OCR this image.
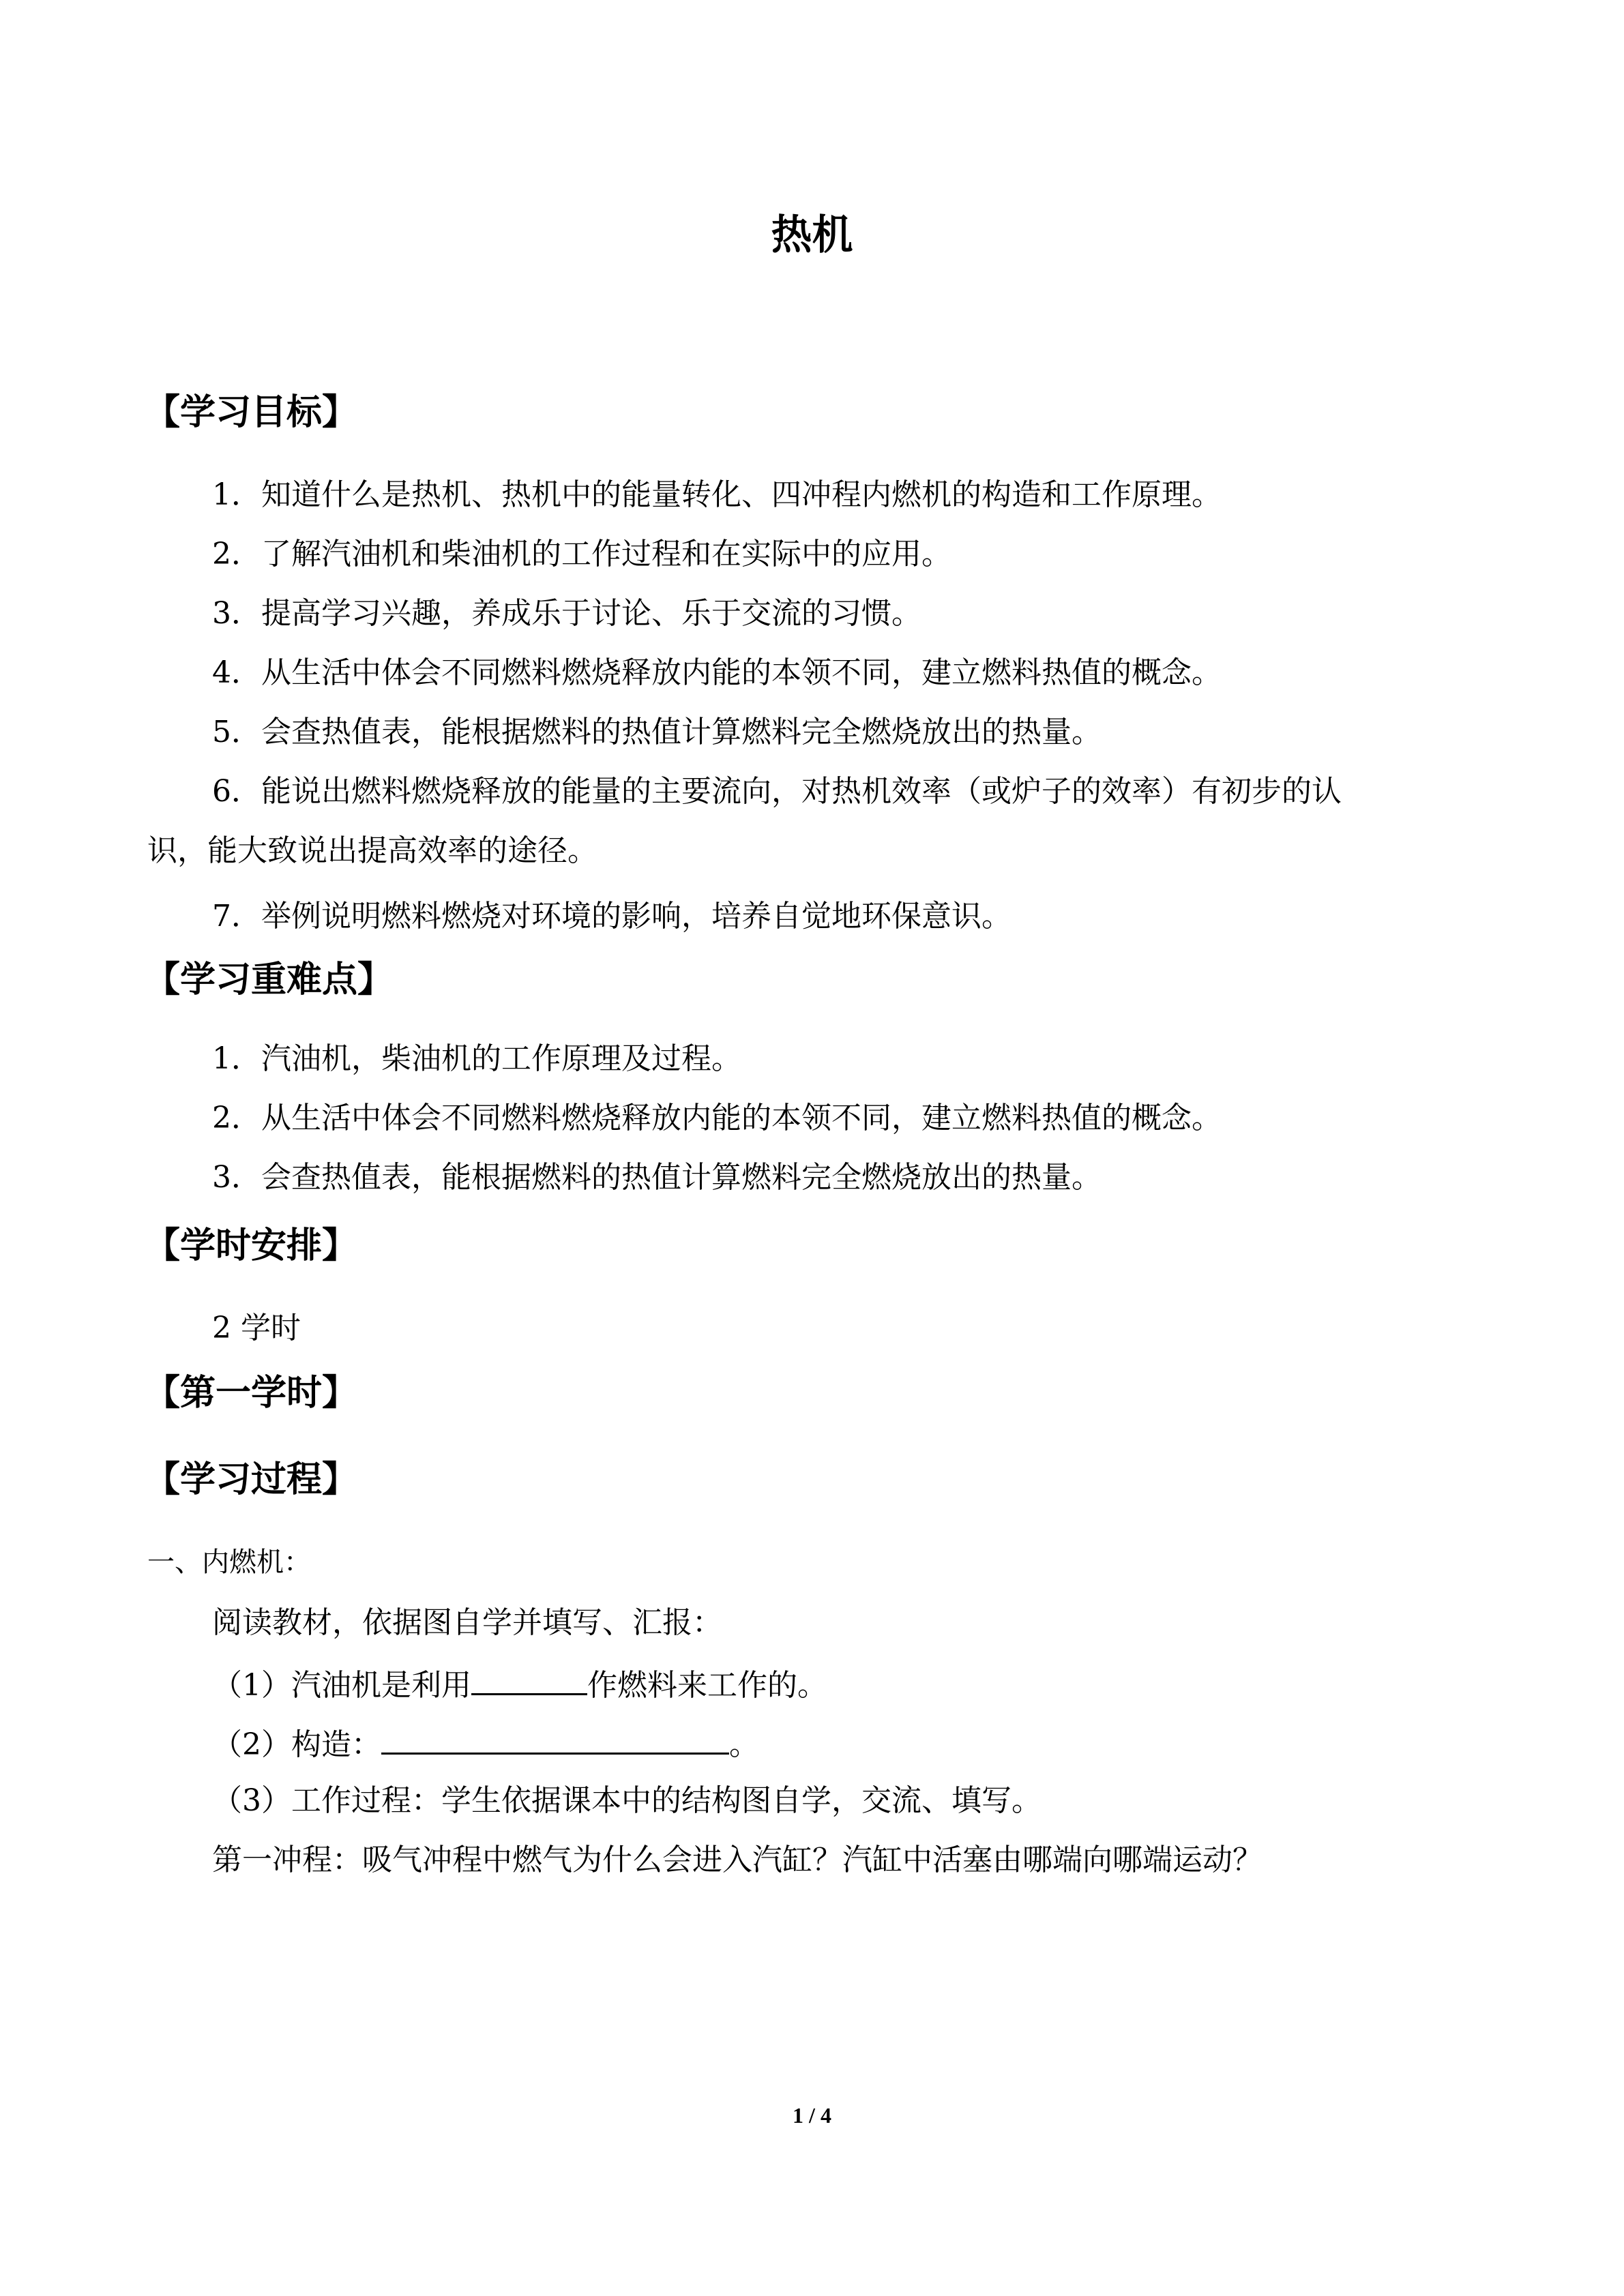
热机
【学习目标】
1．知道什么是热机、热机中的能量转化、四冲程内燃机的构造和工作原理。
2．了解汽油机和柴油机的工作过程和在实际中的应用。
3．提高学习兴趣，养成乐于讨论、乐于交流的习惯。
4．从生活中体会不同燃料燃烧释放内能的本领不同，建立燃料热值的概念。
5．会查热值表，能根据燃料的热值计算燃料完全燃烧放出的热量。
6．能说出燃料燃烧释放的能量的主要流向，对热机效率（或炉子的效率）有初步的认
识，能大致说出提高效率的途径。
7．举例说明燃料燃烧对环境的影响，培养自觉地环保意识。
【学习重难点】
1．汽油机，柴油机的工作原理及过程。
2．从生活中体会不同燃料燃烧释放内能的本领不同，建立燃料热值的概念。
3．会查热值表，能根据燃料的热值计算燃料完全燃烧放出的热量。
【学时安排】
2 学时
【第一学时】
【学习过程】
一、内燃机：
阅读教材，依据图自学并填写、汇报：
（1）汽油机是利用	作燃料来工作的。
（2）构造：	。
（3）工作过程：学生依据课本中的结构图自学，交流、填写。
第一冲程：吸气冲程中燃气为什么会进入汽缸？汽缸中活塞由哪端向哪端运动？
1 / 4
